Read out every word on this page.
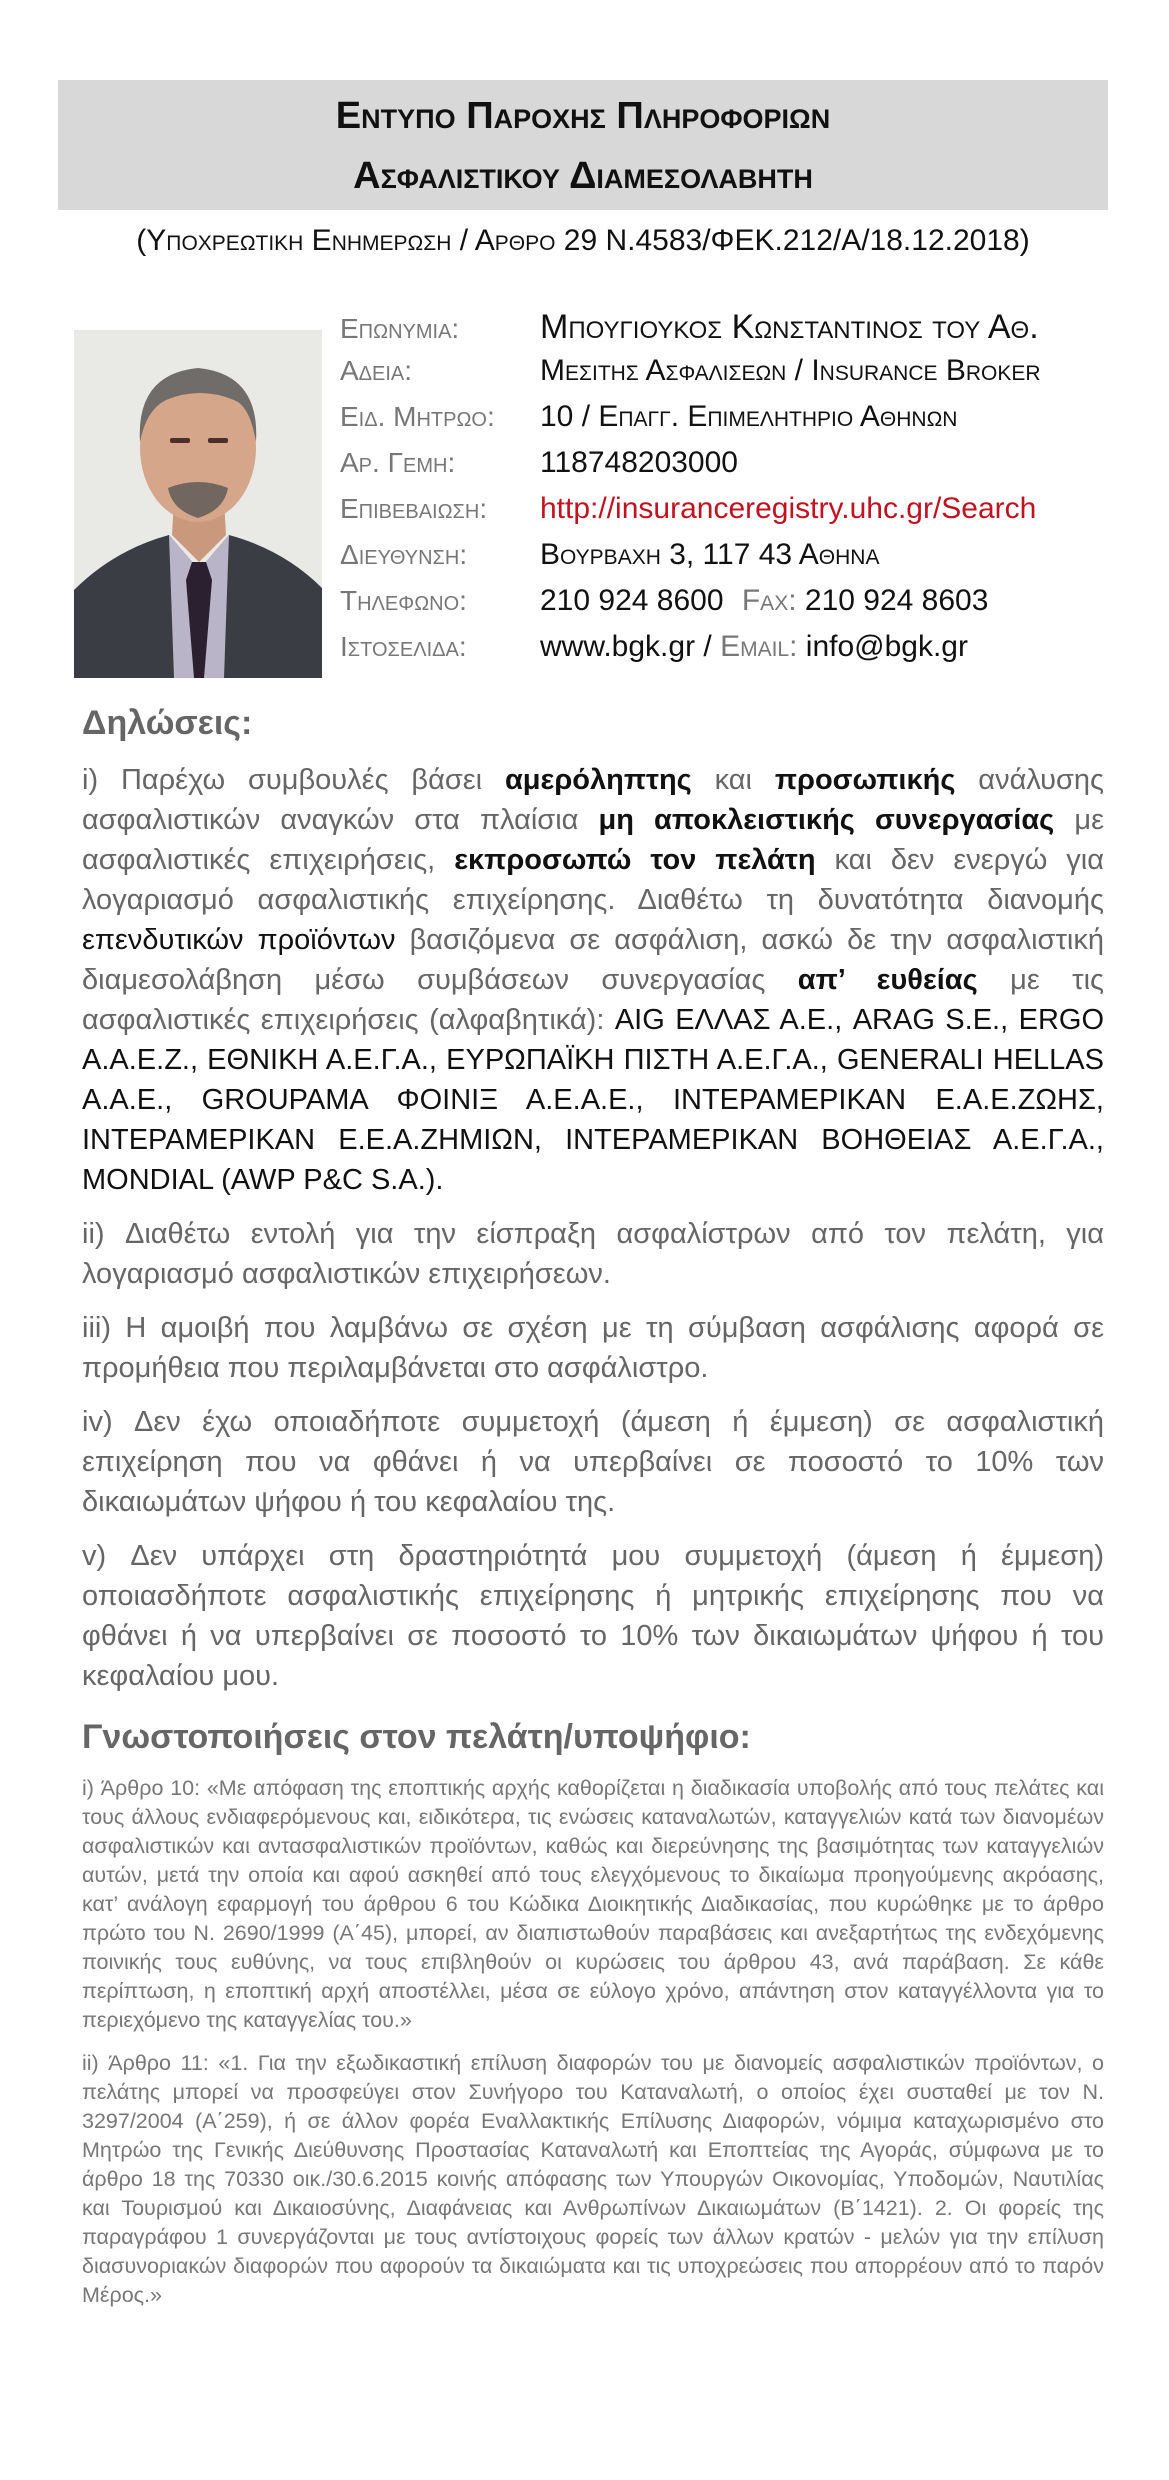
Εντυπο Παροχης Πληροφοριων
Ασφαλιστικου Διαμεσολαβητη
(Υποχρεωτικη Ενημερωση / Αρθρο 29 Ν.4583/ΦΕΚ.212/Α/18.12.2018)
Επωνυμια:	Μπουγιουκος Κωνσταντινος του Αθ.
Αδεια:	Μεσιτης Ασφαλισεων / Insurance Broker
Ειδ. Μητρωο:	10 / Επαγγ. Επιμελητηριο Αθηνων
Αρ. Γεμη:	118748203000
Επιβεβαιωση:	http://insuranceregistry.uhc.gr/Search
Διευθυνση:	Βουρβαχη 3, 117 43 Αθηνα
Τηλεφωνο:	210 924 8600 Fax: 210 924 8603
Ιστοσελιδα:	www.bgk.gr / Email: info@bgk.gr
Δηλώσεις:

i) Παρέχω συμβουλές βάσει αμερόληπτης και προσωπικής ανάλυσης ασφαλιστικών αναγκών στα πλαίσια μη αποκλειστικής συνεργασίας με ασφαλιστικές επιχειρήσεις, εκπροσωπώ τον πελάτη και δεν ενεργώ για λογαριασμό ασφαλιστικής επιχείρησης. Διαθέτω τη δυνατότητα διανομής επενδυτικών προϊόντων βασιζόμενα σε ασφάλιση, ασκώ δε την ασφαλιστική διαμεσολάβηση μέσω συμβάσεων συνεργασίας απ’ ευθείας με τις ασφαλιστικές επιχειρήσεις (αλφαβητικά): AIG ΕΛΛΑΣ Α.Ε., ARAG S.E., ERGO Α.Α.Ε.Ζ., ΕΘΝΙΚΗ Α.Ε.Γ.Α., ΕΥΡΩΠΑΪΚΗ ΠΙΣΤΗ Α.Ε.Γ.Α., GENERALI HELLAS Α.Α.Ε., GROUPAMA ΦΟΙΝΙΞ Α.Ε.Α.Ε., ΙΝΤΕΡΑΜΕΡΙΚΑΝ Ε.Α.Ε.ΖΩΗΣ, ΙΝΤΕΡΑΜΕΡΙΚΑΝ Ε.Ε.Α.ΖΗΜΙΩΝ, ΙΝΤΕΡΑΜΕΡΙΚΑΝ ΒΟΗΘΕΙΑΣ Α.Ε.Γ.Α., MONDIAL (AWP P&C S.A.).

ii) Διαθέτω εντολή για την είσπραξη ασφαλίστρων από τον πελάτη, για λογαριασμό ασφαλιστικών επιχειρήσεων.

iii) Η αμοιβή που λαμβάνω σε σχέση με τη σύμβαση ασφάλισης αφορά σε προμήθεια που περιλαμβάνεται στο ασφάλιστρο.

iv) Δεν έχω οποιαδήποτε συμμετοχή (άμεση ή έμμεση) σε ασφαλιστική επιχείρηση που να φθάνει ή να υπερβαίνει σε ποσοστό το 10% των δικαιωμάτων ψήφου ή του κεφαλαίου της.

v) Δεν υπάρχει στη δραστηριότητά μου συμμετοχή (άμεση ή έμμεση) οποιασδήποτε ασφαλιστικής επιχείρησης ή μητρικής επιχείρησης που να φθάνει ή να υπερβαίνει σε ποσοστό το 10% των δικαιωμάτων ψήφου ή του κεφαλαίου μου.

Γνωστοποιήσεις στον πελάτη/υποψήφιο:

i) Άρθρο 10: «Με απόφαση της εποπτικής αρχής καθορίζεται η διαδικασία υποβολής από τους πελάτες και τους άλλους ενδιαφερόμενους και, ειδικότερα, τις ενώσεις καταναλωτών, καταγγελιών κατά των διανομέων ασφαλιστικών και αντασφαλιστικών προϊόντων, καθώς και διερεύνησης της βασιμότητας των καταγγελιών αυτών, μετά την οποία και αφού ασκηθεί από τους ελεγχόμενους το δικαίωμα προηγούμενης ακρόασης, κατ’ ανάλογη εφαρμογή του άρθρου 6 του Κώδικα Διοικητικής Διαδικασίας, που κυρώθηκε με το άρθρο πρώτο του Ν. 2690/1999 (Α΄45), μπορεί, αν διαπιστωθούν παραβάσεις και ανεξαρτήτως της ενδεχόμενης ποινικής τους ευθύνης, να τους επιβληθούν οι κυρώσεις του άρθρου 43, ανά παράβαση. Σε κάθε περίπτωση, η εποπτική αρχή αποστέλλει, μέσα σε εύλογο χρόνο, απάντηση στον καταγγέλλοντα για το περιεχόμενο της καταγγελίας του.»

ii) Άρθρο 11: «1. Για την εξωδικαστική επίλυση διαφορών του με διανομείς ασφαλιστικών προϊόντων, ο πελάτης μπορεί να προσφεύγει στον Συνήγορο του Καταναλωτή, ο οποίος έχει συσταθεί με τον Ν. 3297/2004 (Α΄259), ή σε άλλον φορέα Εναλλακτικής Επίλυσης Διαφορών, νόμιμα καταχωρισμένο στο Μητρώο της Γενικής Διεύθυνσης Προστασίας Καταναλωτή και Εποπτείας της Αγοράς, σύμφωνα με το άρθρο 18 της 70330 οικ./30.6.2015 κοινής απόφασης των Υπουργών Οικονομίας, Υποδομών, Ναυτιλίας και Τουρισμού και Δικαιοσύνης, Διαφάνειας και Ανθρωπίνων Δικαιωμάτων (Β΄1421). 2. Οι φορείς της παραγράφου 1 συνεργάζονται με τους αντίστοιχους φορείς των άλλων κρατών - μελών για την επίλυση διασυνοριακών διαφορών που αφορούν τα δικαιώματα και τις υποχρεώσεις που απορρέουν από το παρόν Μέρος.»
